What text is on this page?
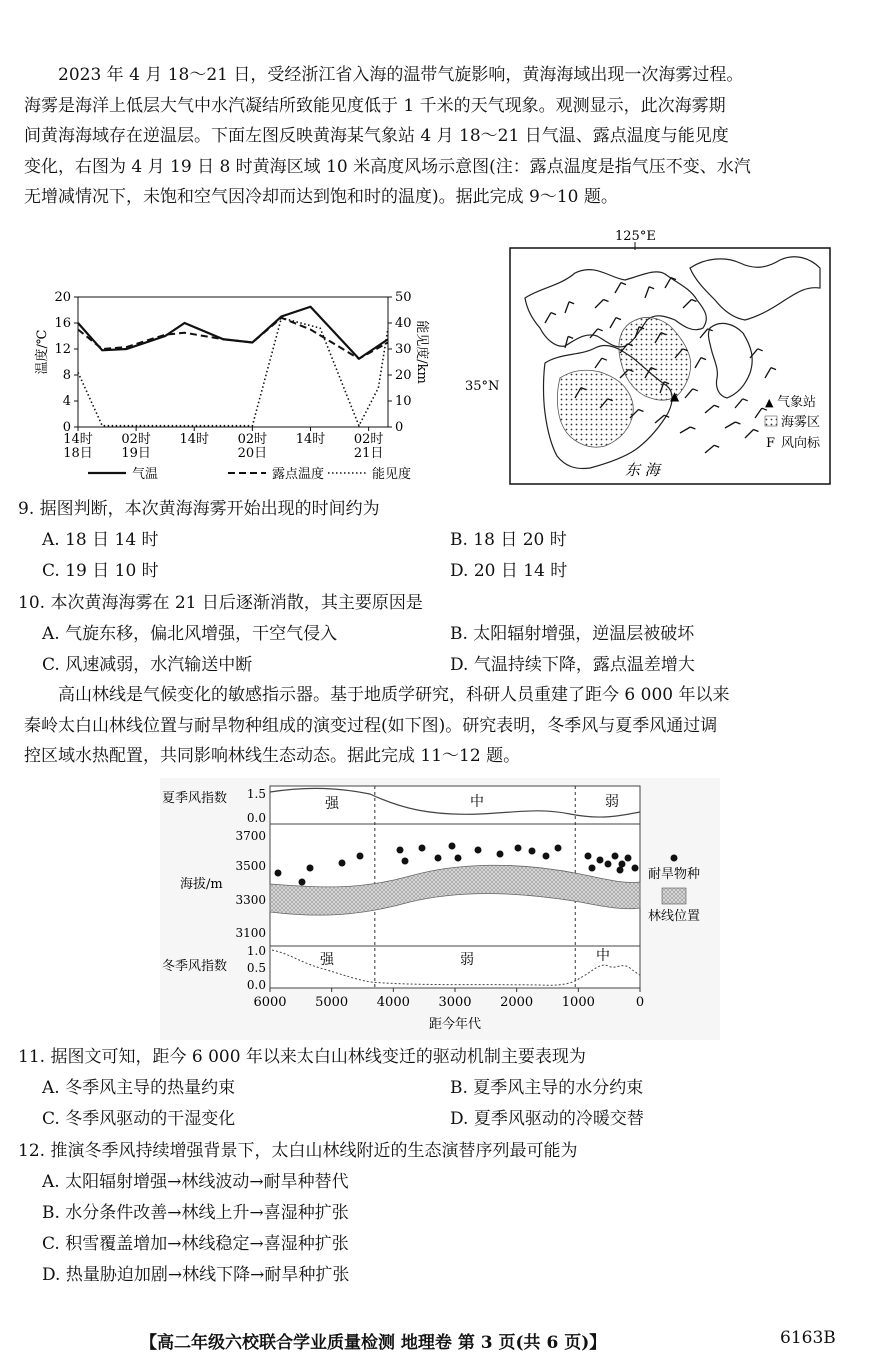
2023 年 4 月 18～21 日，受经浙江省入海的温带气旋影响，黄海海域出现一次海雾过程。
海雾是海洋上低层大气中水汽凝结所致能见度低于 1 千米的天气现象。观测显示，此次海雾期
间黄海海域存在逆温层。下面左图反映黄海某气象站 4 月 18～21 日气温、露点温度与能见度
变化，右图为 4 月 19 日 8 时黄海区域 10 米高度风场示意图(注：露点温度是指气压不变、水汽
无增减情况下，未饱和空气因冷却而达到饱和时的温度)。据此完成 9～10 题。
温度/℃	能见度/km
0
4
8
12
16
20
0
10
20
30
40
50
14时
18日
02时
19日
14时 02时
20日
14时 02时
21日
气温	露点温度	能见度
125°E
35°N
▲
东 海
▲ 气象站
海雾区
F 风向标
9. 据图判断，本次黄海海雾开始出现的时间约为
A. 18 日 14 时	B. 18 日 20 时
C. 19 日 10 时	D. 20 日 14 时
10. 本次黄海海雾在 21 日后逐渐消散，其主要原因是
A. 气旋东移，偏北风增强，干空气侵入	B. 太阳辐射增强，逆温层被破坏
C. 风速减弱，水汽输送中断	D. 气温持续下降，露点温差增大
高山林线是气候变化的敏感指示器。基于地质学研究，科研人员重建了距今 6 000 年以来
秦岭太白山林线位置与耐旱物种组成的演变过程(如下图)。研究表明，冬季风与夏季风通过调
控区域水热配置，共同影响林线生态动态。据此完成 11～12 题。
夏季风指数
海拔/m
冬季风指数
6000 5000 4000 3000 2000 1000	0
1.5
0.0
3700
3500
3300
3100
1.0
0.5
0.0
强	中	弱
强	弱	中
距今年代
耐旱物种
林线位置
11. 据图文可知，距今 6 000 年以来太白山林线变迁的驱动机制主要表现为
A. 冬季风主导的热量约束	B. 夏季风主导的水分约束
C. 冬季风驱动的干湿变化	D. 夏季风驱动的冷暖交替
12. 推演冬季风持续增强背景下，太白山林线附近的生态演替序列最可能为
A. 太阳辐射增强→林线波动→耐旱种替代
B. 水分条件改善→林线上升→喜湿种扩张
C. 积雪覆盖增加→林线稳定→喜湿种扩张
D. 热量胁迫加剧→林线下降→耐旱种扩张
【高二年级六校联合学业质量检测 地理卷 第 3 页(共 6 页)】	6163B
